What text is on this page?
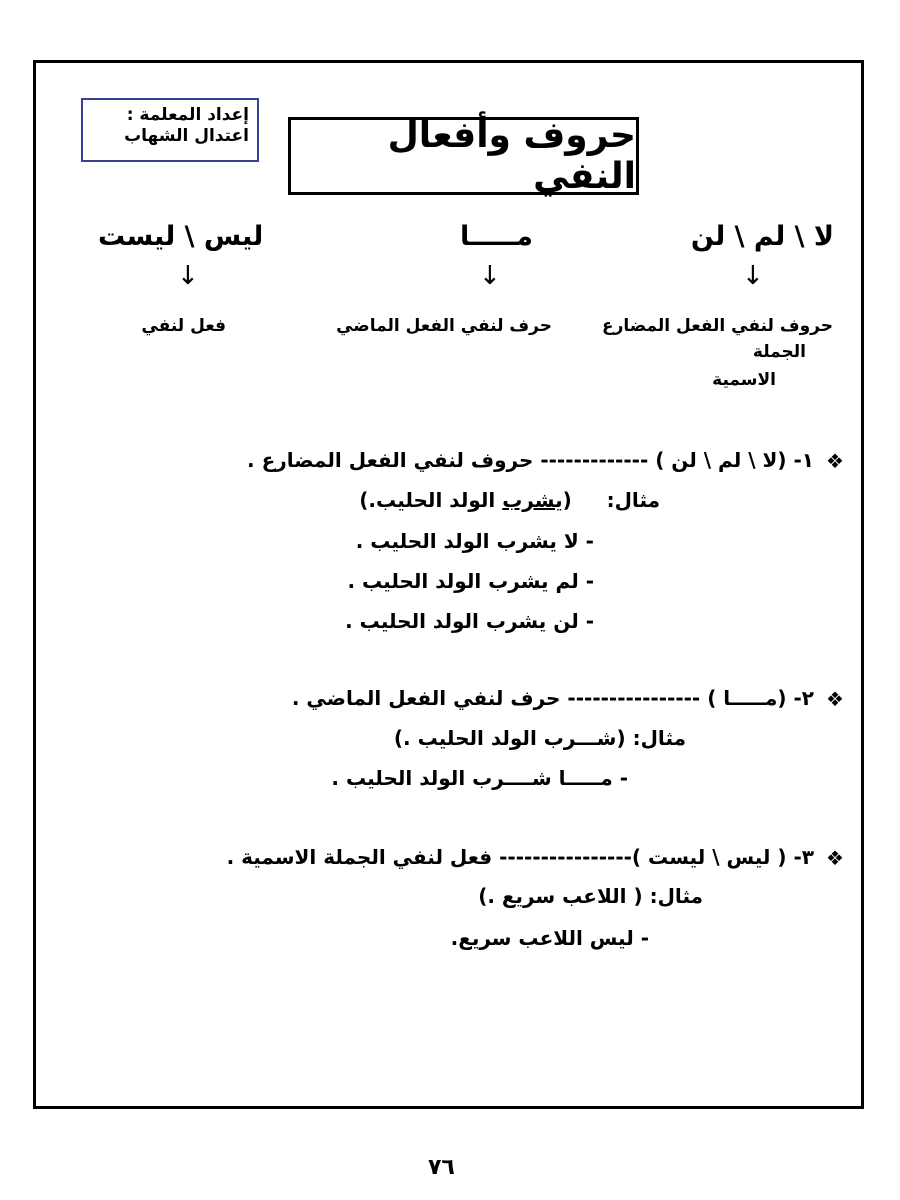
إعداد المعلمة :
اعتدال الشهاب	حروف وأفعال النفي
لا \ لم \ لن
مـــــا
ليس \ ليست
↓
↓
↓
حروف لنفي الفعل المضارع
الجملة
الاسمية
حرف لنفي الفعل الماضي
فعل لنفي
❖
١- (لا \ لم \ لن ) ------------- حروف لنفي الفعل المضارع .
مثال:     (يشرب الولد الحليب.)
- لا يشرب الولد الحليب .
- لم يشرب الولد الحليب .
- لن يشرب الولد الحليب .
❖
٢- (مـــــا ) ---------------- حرف لنفي الفعل الماضي .
مثال: (شـــرب الولد الحليب .)
- مـــــا شــــرب الولد الحليب .
❖
٣- ( ليس \ ليست )---------------- فعل لنفي الجملة الاسمية .
مثال: ( اللاعب سريع .)
- ليس اللاعب سريع.
٧٦
